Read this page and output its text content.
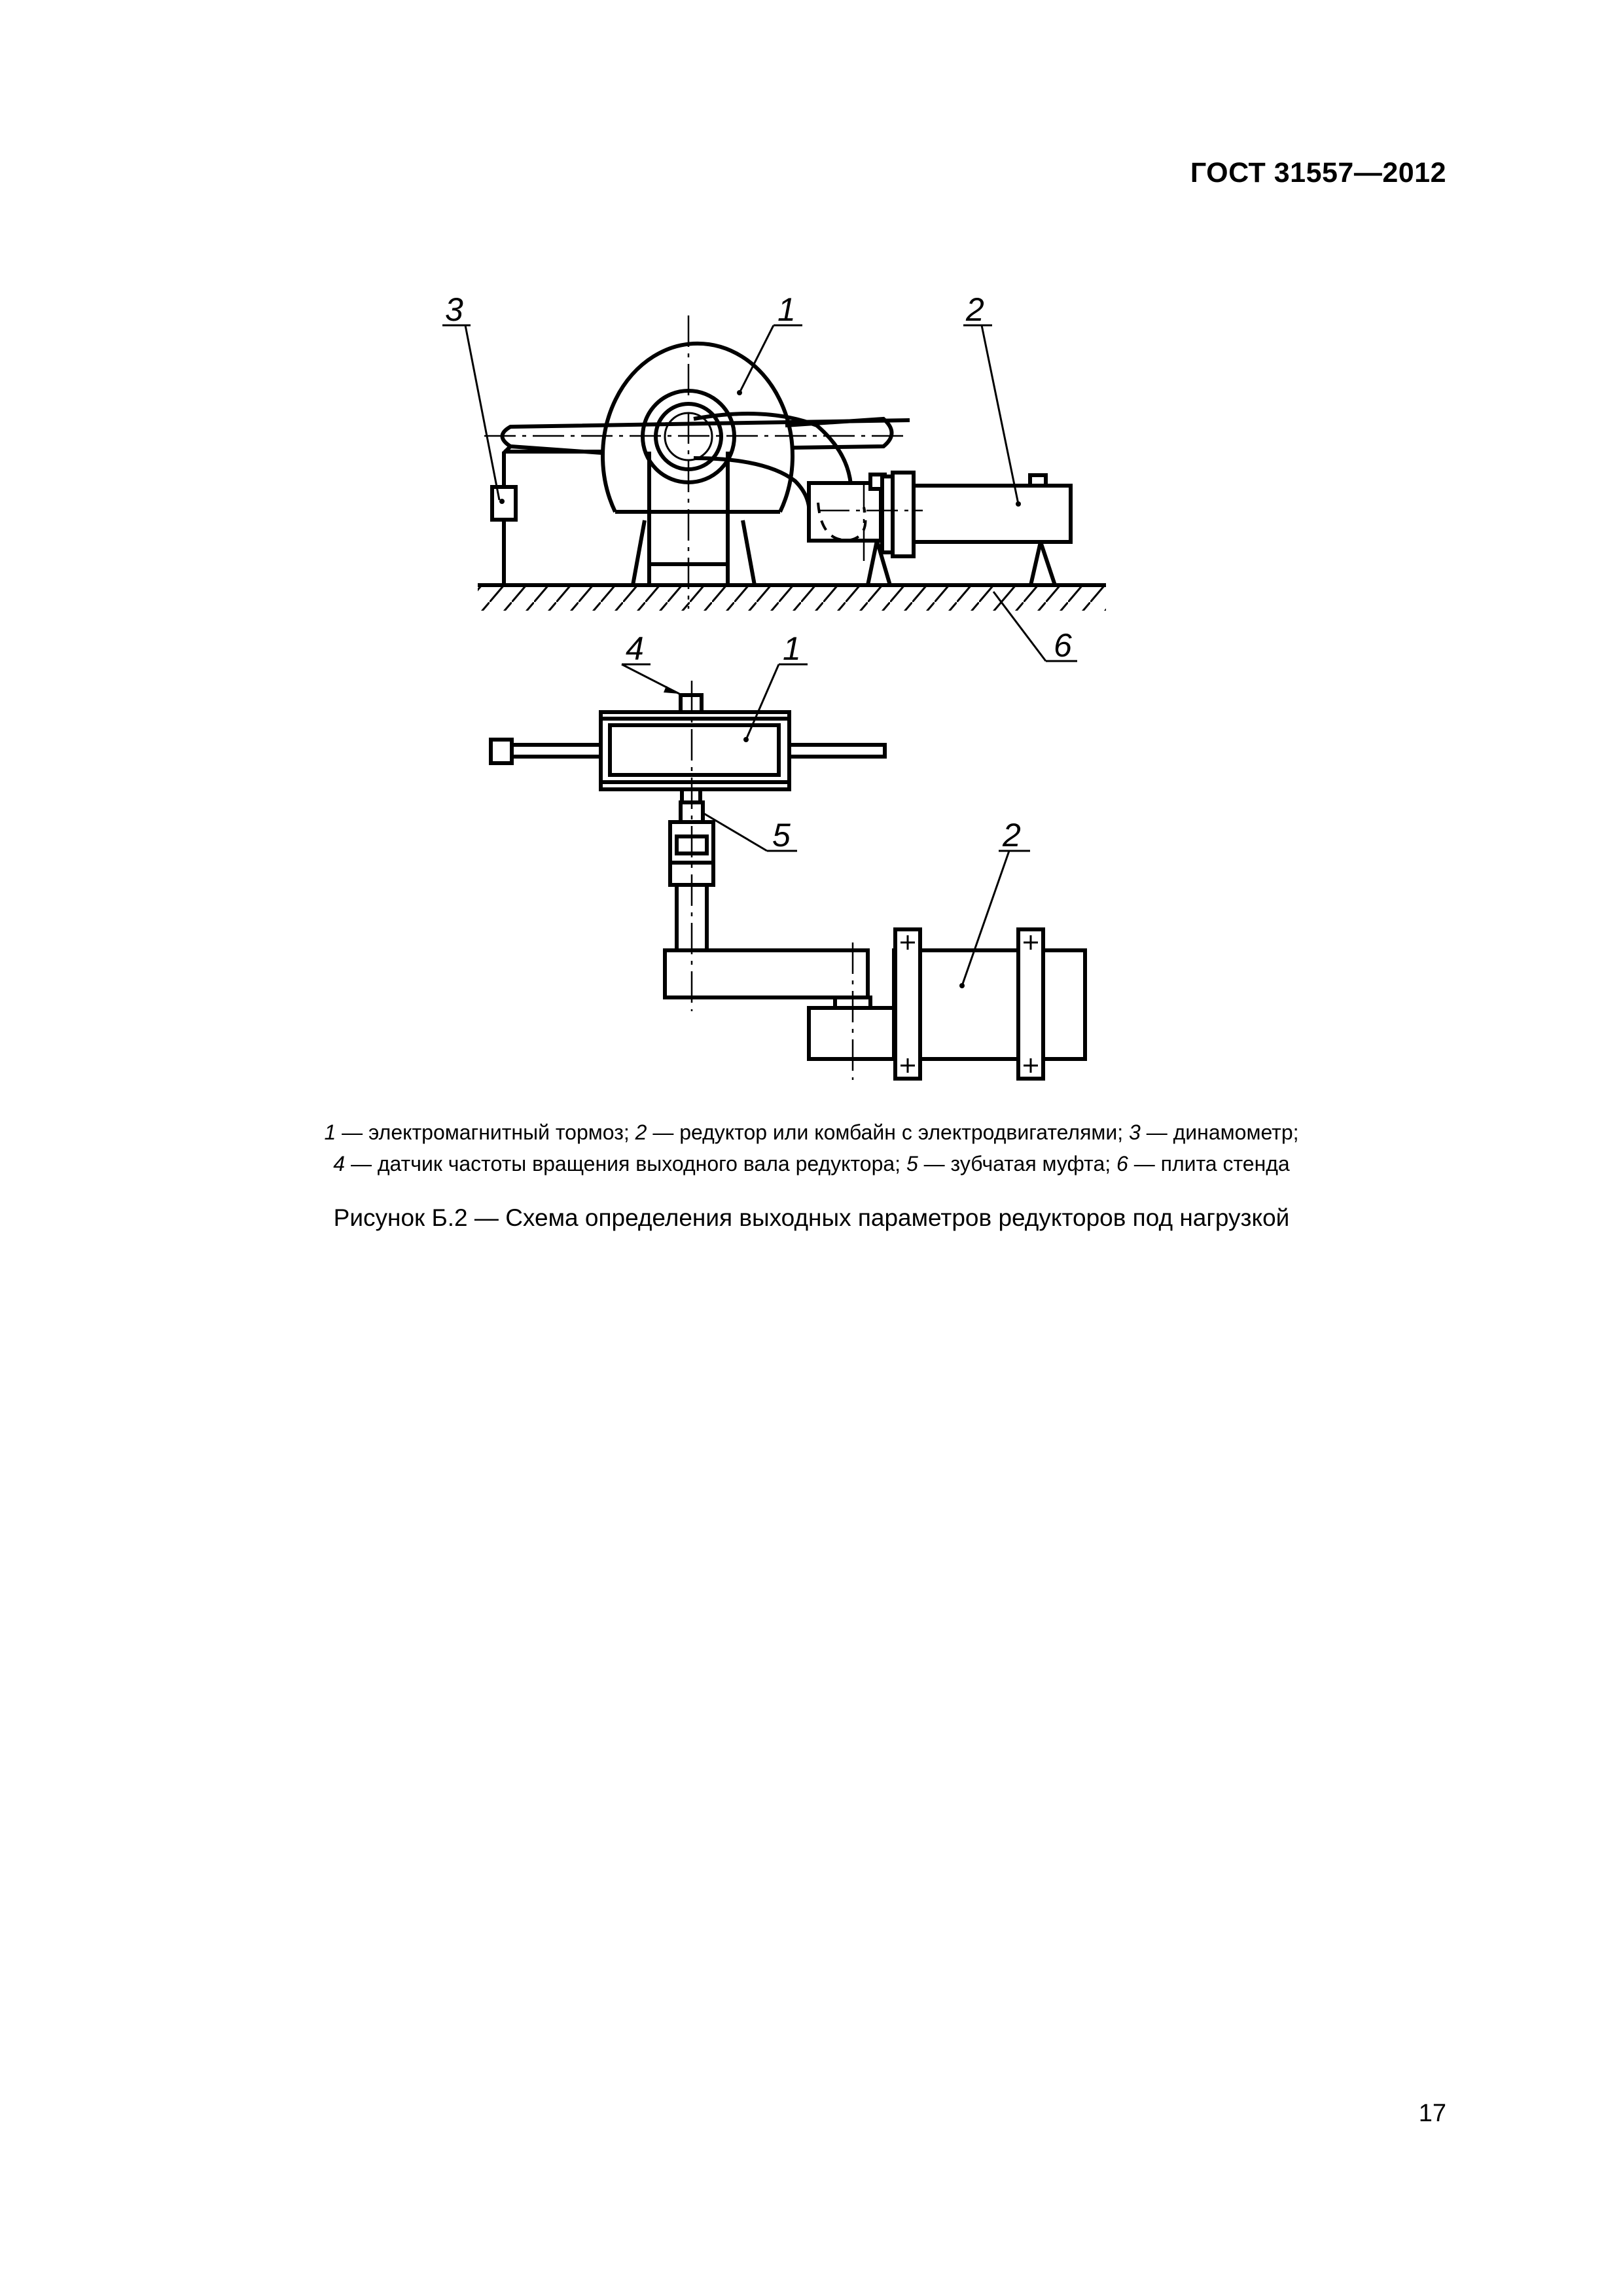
ГОСТ 31557—2012
3	1	2
6
4	1
5	2
1 — электромагнитный тормоз; 2 — редуктор или комбайн с электродвигателями; 3 — динамометр;
4 — датчик частоты вращения выходного вала редуктора; 5 — зубчатая муфта; 6 — плита стенда
Рисунок Б.2 — Схема определения выходных параметров редукторов под нагрузкой
17
